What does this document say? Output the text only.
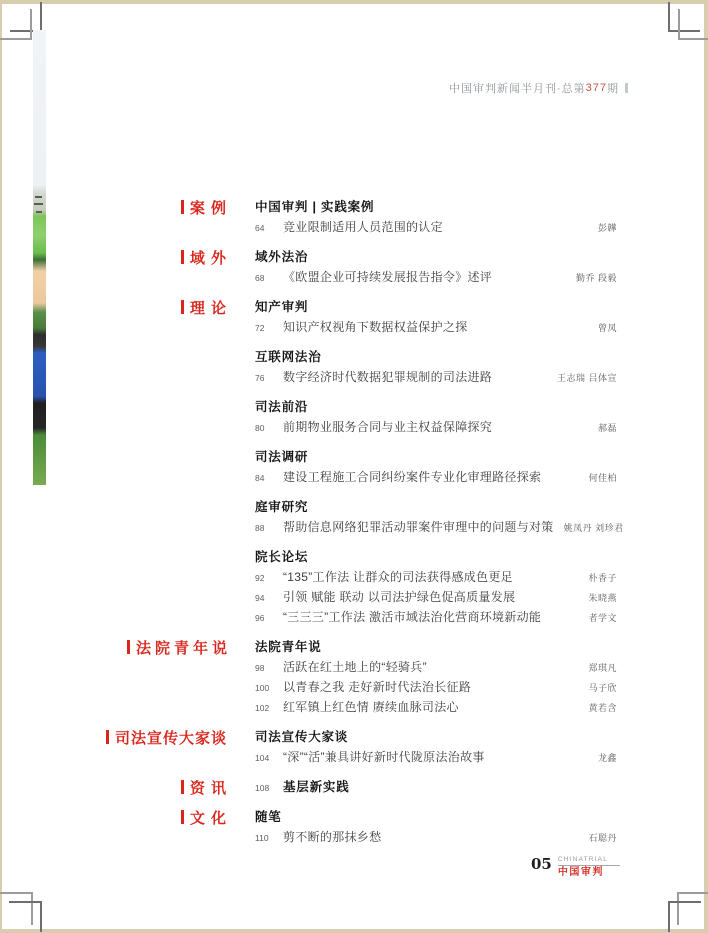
中国审判新闻半月刊·总第 377 期
案 例 中国审判 | 实践案例
64	竞业限制适用人员范围的认定	彭韡
域 外 域外法治
68	《欧盟企业可持续发展报告指令》述评	勤乔 段毅
理 论 知产审判
72	知识产权视角下数据权益保护之探	曾凤
互联网法治
76	数字经济时代数据犯罪规制的司法进路	王志瑞 吕体宣
司法前沿
80	前期物业服务合同与业主权益保障探究	郝磊
司法调研
84	建设工程施工合同纠纷案件专业化审理路径探索	何佳柏
庭审研究
88	帮助信息网络犯罪活动罪案件审理中的问题与对策	姚凤丹 刘珍君
院长论坛
92	“135”工作法 让群众的司法获得感成色更足	朴香子
94	引领 赋能 联动 以司法护绿色促高质量发展	朱晓燕
96	“三三三”工作法 激活市域法治化营商环境新动能	者学文
法院青年说 法院青年说
98	活跃在红土地上的“轻骑兵”	郑琪凡
100	以青春之我 走好新时代法治长征路	马子欣
102	红军镇上红色情 赓续血脉司法心	黄若含
司法宣传大家谈 司法宣传大家谈
104	“深”“活”兼具讲好新时代陇原法治故事	龙鑫
资 讯	108	基层新实践
文 化 随笔
110	剪不断的那抹乡愁	石聪丹
05 CHINATRIAL
中国审判
